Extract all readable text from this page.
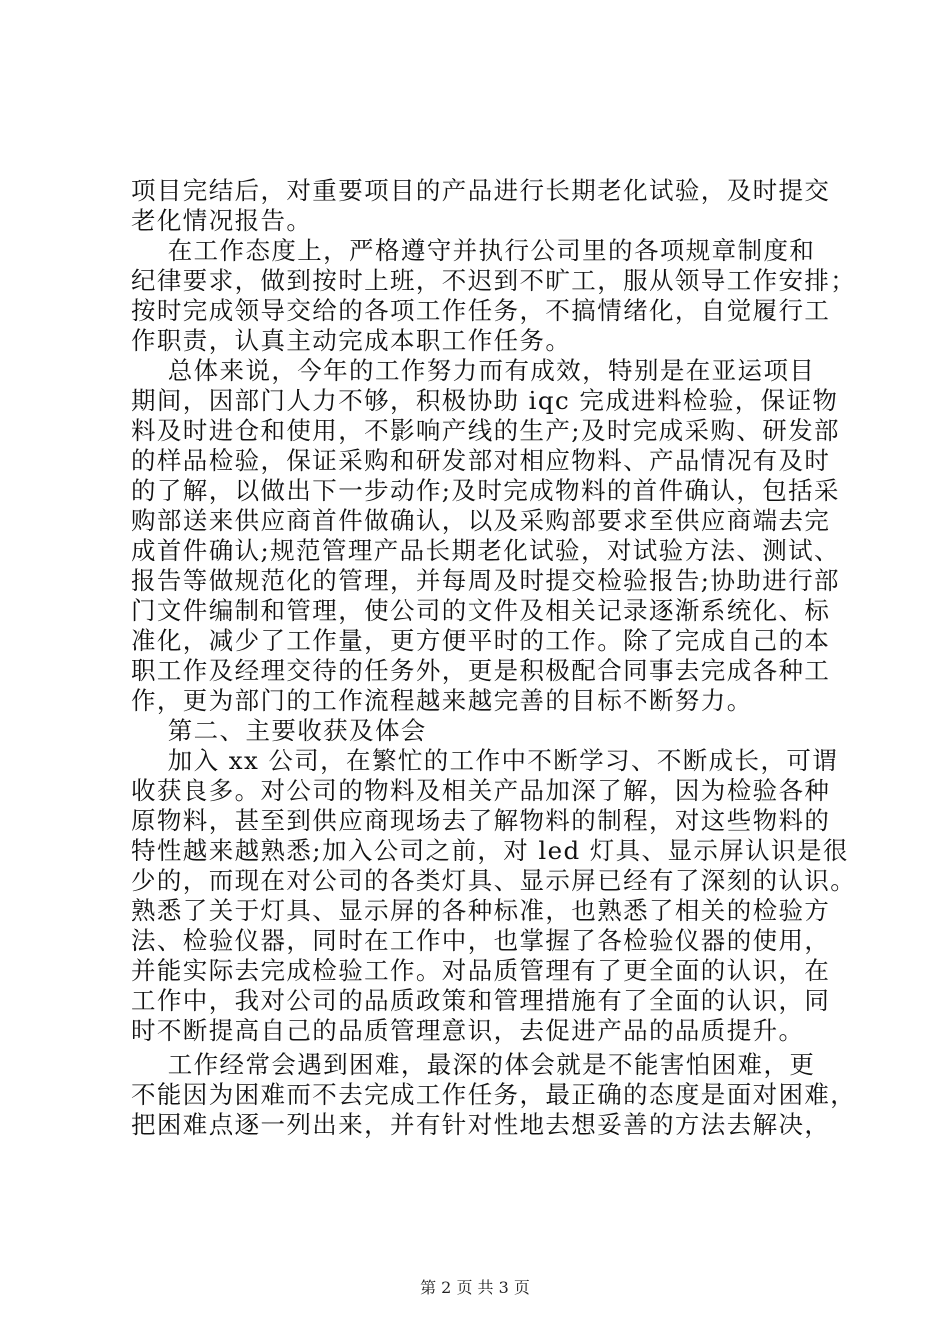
项目完结后，对重要项目的产品进行长期老化试验，及时提交
老化情况报告。
在工作态度上，严格遵守并执行公司里的各项规章制度和
纪律要求，做到按时上班，不迟到不旷工，服从领导工作安排；
按时完成领导交给的各项工作任务，不搞情绪化，自觉履行工
作职责，认真主动完成本职工作任务。
总体来说，今年的工作努力而有成效，特别是在亚运项目
期间，因部门人力不够，积极协助 iqc 完成进料检验，保证物
料及时进仓和使用，不影响产线的生产;及时完成采购、研发部
的样品检验，保证采购和研发部对相应物料、产品情况有及时
的了解，以做出下一步动作;及时完成物料的首件确认，包括采
购部送来供应商首件做确认，以及采购部要求至供应商端去完
成首件确认;规范管理产品长期老化试验，对试验方法、测试、
报告等做规范化的管理，并每周及时提交检验报告;协助进行部
门文件编制和管理，使公司的文件及相关记录逐渐系统化、标
准化，减少了工作量，更方便平时的工作。除了完成自己的本
职工作及经理交待的任务外，更是积极配合同事去完成各种工
作，更为部门的工作流程越来越完善的目标不断努力。
第二、主要收获及体会
加入 xx 公司，在繁忙的工作中不断学习、不断成长，可谓
收获良多。对公司的物料及相关产品加深了解，因为检验各种
原物料，甚至到供应商现场去了解物料的制程，对这些物料的
特性越来越熟悉;加入公司之前，对 led 灯具、显示屏认识是很
少的，而现在对公司的各类灯具、显示屏已经有了深刻的认识。
熟悉了关于灯具、显示屏的各种标准，也熟悉了相关的检验方
法、检验仪器，同时在工作中，也掌握了各检验仪器的使用，
并能实际去完成检验工作。对品质管理有了更全面的认识，在
工作中，我对公司的品质政策和管理措施有了全面的认识，同
时不断提高自己的品质管理意识，去促进产品的品质提升。
工作经常会遇到困难，最深的体会就是不能害怕困难，更
不能因为困难而不去完成工作任务，最正确的态度是面对困难，
把困难点逐一列出来，并有针对性地去想妥善的方法去解决，
第 2 页 共 3 页
